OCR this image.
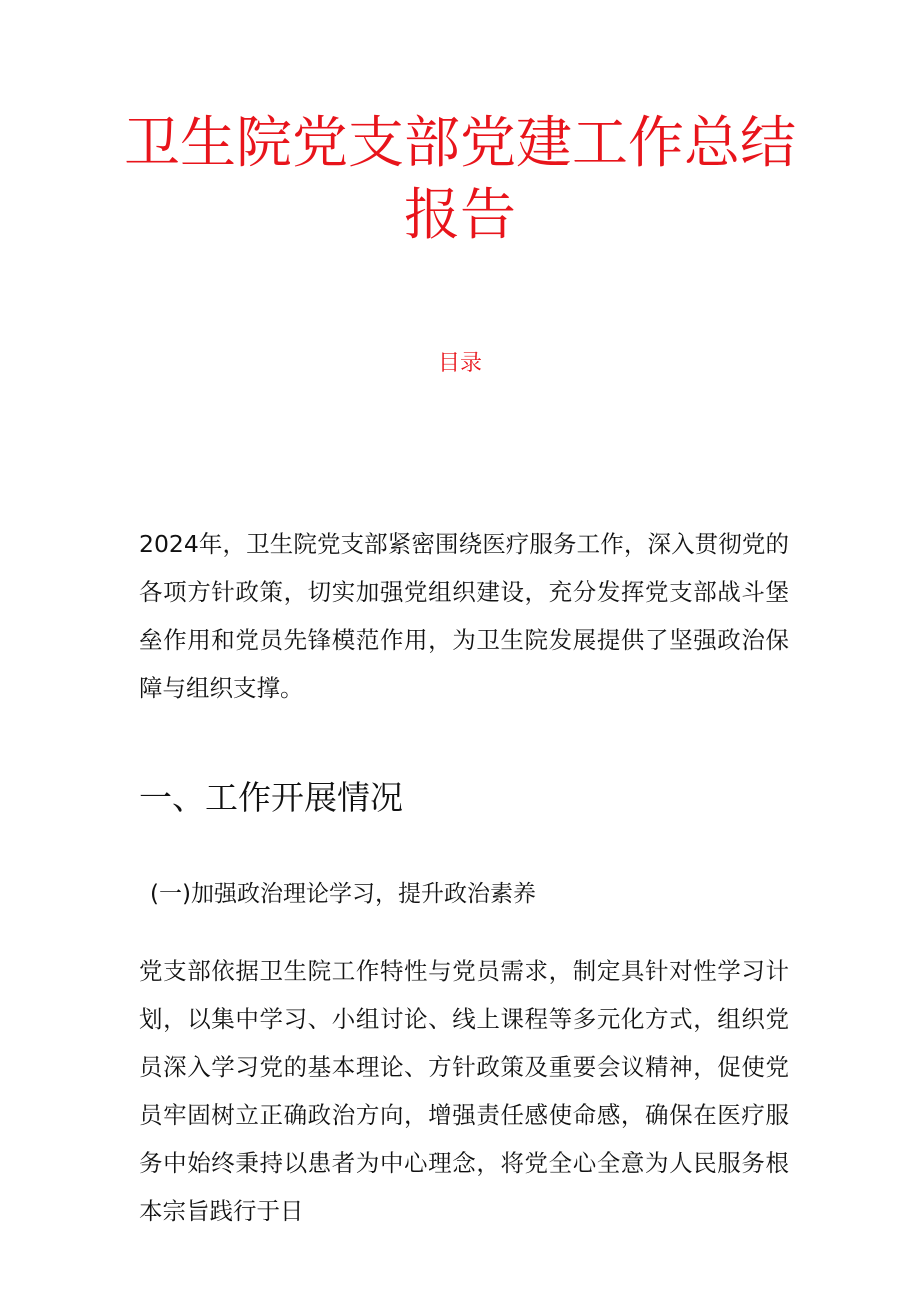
卫生院党支部党建工作总结报告

目录

2024年，卫生院党支部紧密围绕医疗服务工作，深入贯彻党的各项方针政策，切实加强党组织建设，充分发挥党支部战斗堡垒作用和党员先锋模范作用，为卫生院发展提供了坚强政治保障与组织支撑。

一、工作开展情况
(一)加强政治理论学习，提升政治素养

党支部依据卫生院工作特性与党员需求，制定具针对性学习计划，以集中学习、小组讨论、线上课程等多元化方式，组织党员深入学习党的基本理论、方针政策及重要会议精神，促使党员牢固树立正确政治方向，增强责任感使命感，确保在医疗服务中始终秉持以患者为中心理念，将党全心全意为人民服务根本宗旨践行于日
